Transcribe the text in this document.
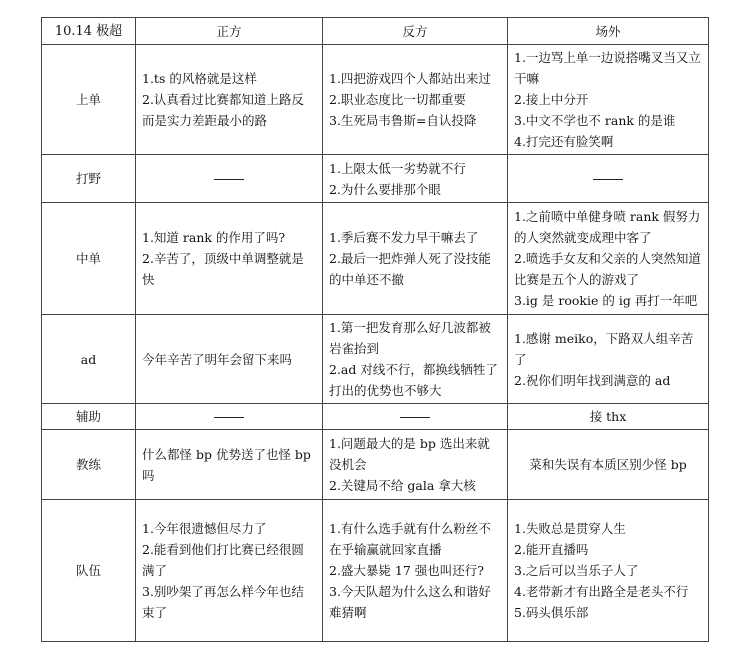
10.14 极超	正方	反方	场外
上单	1.ts 的风格就是这样
2.认真看过比赛都知道上路反而是实力差距最小的路	1.四把游戏四个人都站出来过
2.职业态度比一切都重要
3.生死局韦鲁斯=自认投降	1.一边骂上单一边说搭嘴叉当又立干嘛
2.接上中分开
3.中文不学也不 rank 的是谁
4.打完还有脸笑啊

打野		1.上限太低一劣势就不行
2.为什么要排那个眼	

中单	1.知道 rank 的作用了吗?
2.辛苦了，顶级中单调整就是快	1.季后赛不发力早干嘛去了
2.最后一把炸弹人死了没技能的中单还不撤	1.之前喷中单健身喷 rank 假努力的人突然就变成理中客了
2.喷选手女友和父亲的人突然知道比赛是五个人的游戏了
3.ig 是 rookie 的 ig 再打一年吧

ad	今年辛苦了明年会留下来吗	1.第一把发育那么好几波都被岩雀抬到
2.ad 对线不行，都换线牺牲了打出的优势也不够大	1.感谢 meiko，下路双人组辛苦了
2.祝你们明年找到满意的 ad

辅助			接 thx

教练	什么都怪 bp 优势送了也怪 bp 吗	1.问题最大的是 bp 选出来就没机会
2.关键局不给 gala 拿大核	菜和失误有本质区别少怪 bp

队伍	1.今年很遗憾但尽力了
2.能看到他们打比赛已经很圆满了
3.别吵架了再怎么样今年也结束了	1.有什么选手就有什么粉丝不在乎输赢就回家直播
2.盛大暴毙 17 强也叫还行?
3.今天队超为什么这么和谐好难猜啊	1.失败总是贯穿人生
2.能开直播吗
3.之后可以当乐子人了
4.老带新才有出路全是老头不行
5.码头俱乐部
